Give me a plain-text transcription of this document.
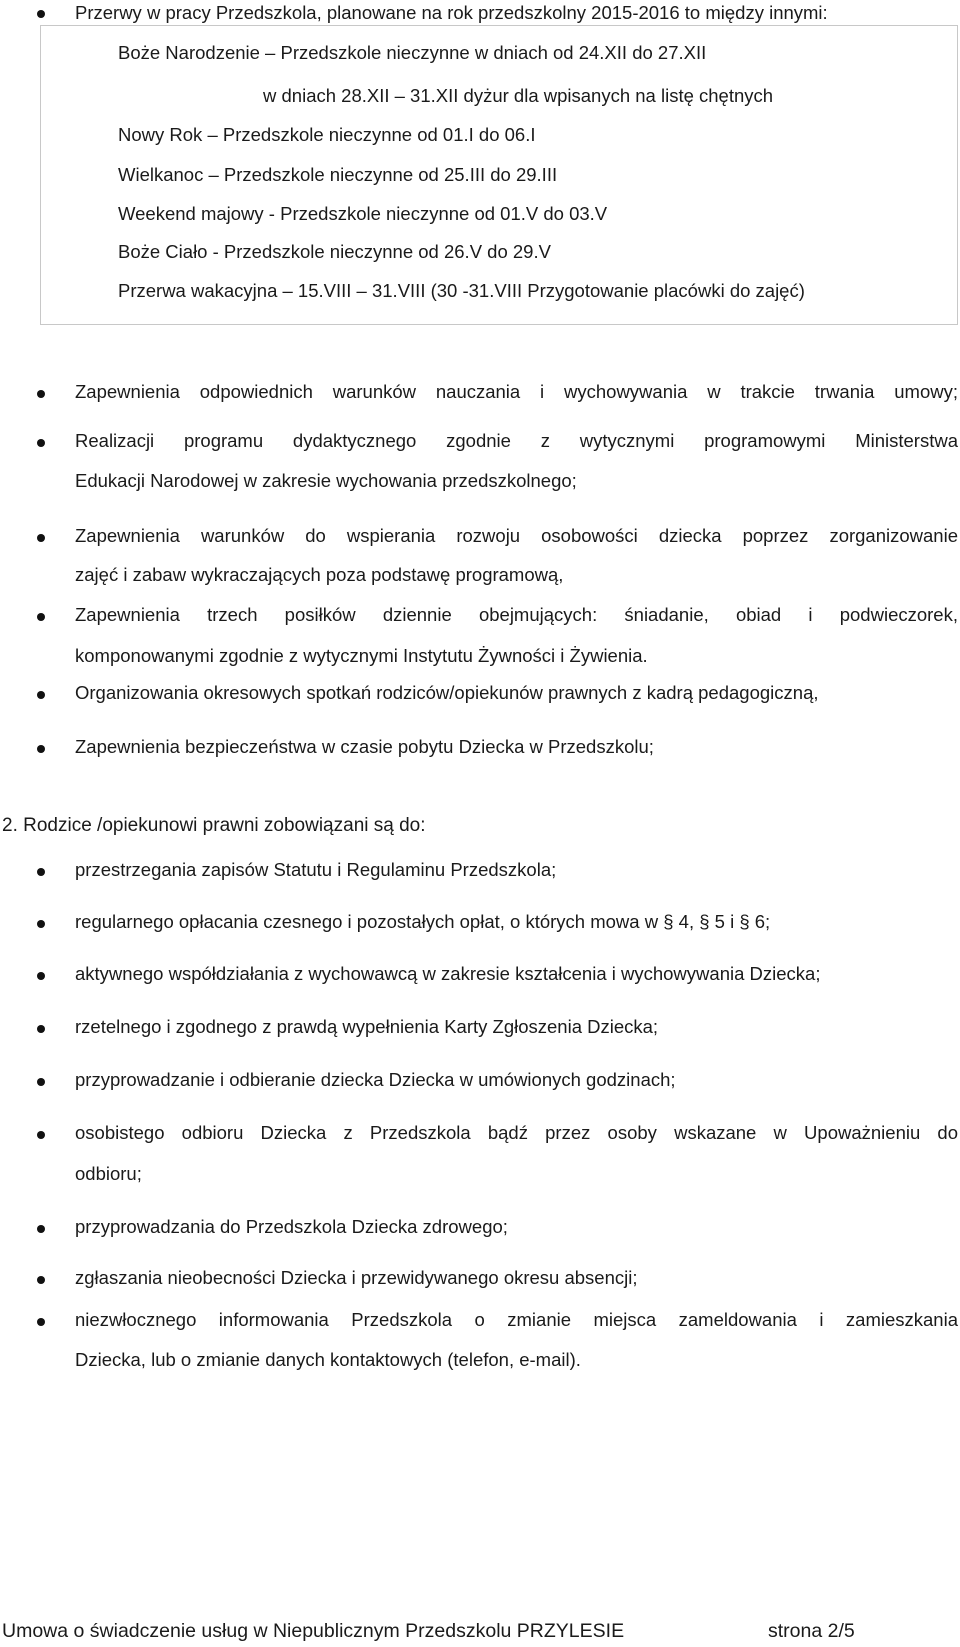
Przerwy w pracy Przedszkola, planowane na rok przedszkolny 2015-2016 to między innymi:
Boże Narodzenie – Przedszkole nieczynne w dniach od 24.XII do 27.XII
w dniach 28.XII – 31.XII dyżur dla wpisanych na listę chętnych
Nowy Rok – Przedszkole nieczynne od 01.I do 06.I
Wielkanoc – Przedszkole nieczynne od 25.III do 29.III
Weekend majowy - Przedszkole nieczynne od 01.V do 03.V
Boże Ciało - Przedszkole nieczynne od 26.V do 29.V
Przerwa wakacyjna – 15.VIII – 31.VIII (30 -31.VIII Przygotowanie placówki do zajęć)
Zapewnienia odpowiednich warunków nauczania i wychowywania w trakcie trwania umowy;
Realizacji programu dydaktycznego zgodnie z wytycznymi programowymi Ministerstwa
Edukacji Narodowej w zakresie wychowania przedszkolnego;
Zapewnienia warunków do wspierania rozwoju osobowości dziecka poprzez zorganizowanie
zajęć i zabaw wykraczających poza podstawę programową,
Zapewnienia trzech posiłków dziennie obejmujących: śniadanie, obiad i podwieczorek,
komponowanymi zgodnie z wytycznymi Instytutu Żywności i Żywienia.
Organizowania okresowych spotkań rodziców/opiekunów prawnych z kadrą pedagogiczną,
Zapewnienia bezpieczeństwa w czasie pobytu Dziecka w Przedszkolu;
2. Rodzice /opiekunowi prawni zobowiązani są do:
przestrzegania zapisów Statutu i Regulaminu Przedszkola;
regularnego opłacania czesnego i pozostałych opłat, o których mowa w § 4, § 5 i § 6;
aktywnego współdziałania z wychowawcą w zakresie kształcenia i wychowywania Dziecka;
rzetelnego i zgodnego z prawdą wypełnienia Karty Zgłoszenia Dziecka;
przyprowadzanie i odbieranie dziecka Dziecka w umówionych godzinach;
osobistego odbioru Dziecka z Przedszkola bądź przez osoby wskazane w Upoważnieniu do
odbioru;
przyprowadzania do Przedszkola Dziecka zdrowego;
zgłaszania nieobecności Dziecka i przewidywanego okresu absencji;
niezwłocznego informowania Przedszkola o zmianie miejsca zameldowania i zamieszkania
Dziecka, lub o zmianie danych kontaktowych (telefon, e-mail).
Umowa o świadczenie usług w Niepublicznym Przedszkolu PRZYLESIE	strona 2/5
